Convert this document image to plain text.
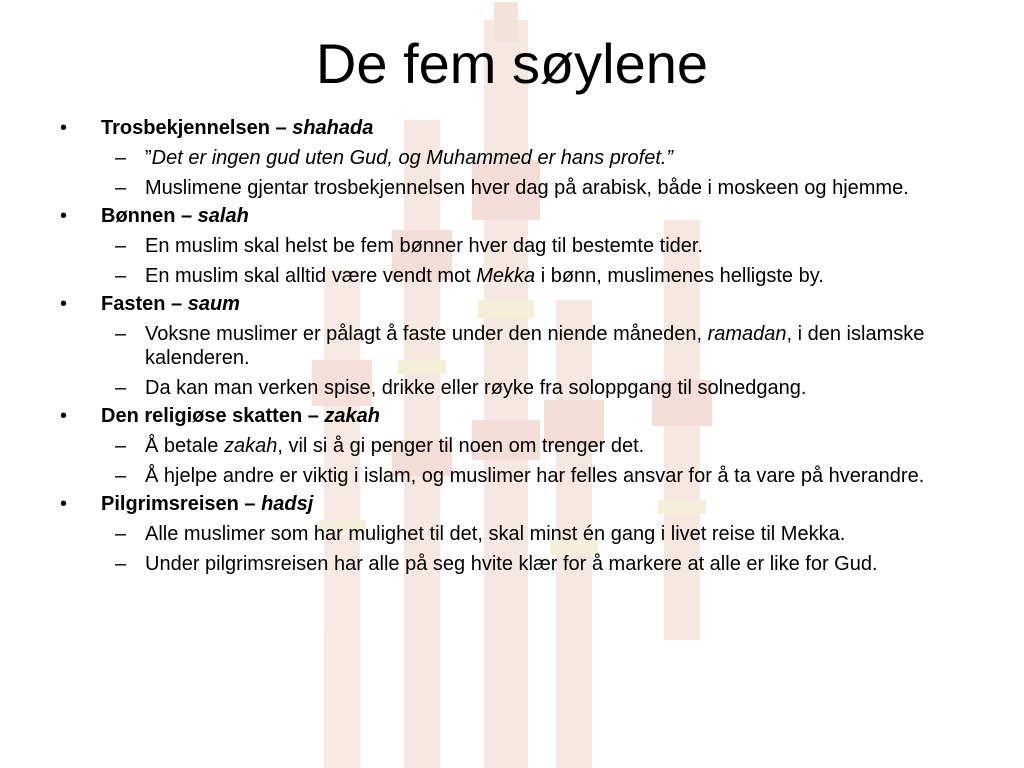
De fem søylene
• Trosbekjennelsen – shahada
– ”Det er ingen gud uten Gud, og Muhammed er hans profet.”
– Muslimene gjentar trosbekjennelsen hver dag på arabisk, både i moskeen og hjemme.
• Bønnen – salah
– En muslim skal helst be fem bønner hver dag til bestemte tider.
– En muslim skal alltid være vendt mot Mekka i bønn, muslimenes helligste by.
• Fasten – saum
– Voksne muslimer er pålagt å faste under den niende måneden, ramadan, i den islamske kalenderen.
– Da kan man verken spise, drikke eller røyke fra soloppgang til solnedgang.
• Den religiøse skatten – zakah
– Å betale zakah, vil si å gi penger til noen om trenger det.
– Å hjelpe andre er viktig i islam, og muslimer har felles ansvar for å ta vare på hverandre.
• Pilgrimsreisen – hadsj
– Alle muslimer som har mulighet til det, skal minst én gang i livet reise til Mekka.
– Under pilgrimsreisen har alle på seg hvite klær for å markere at alle er like for Gud.
